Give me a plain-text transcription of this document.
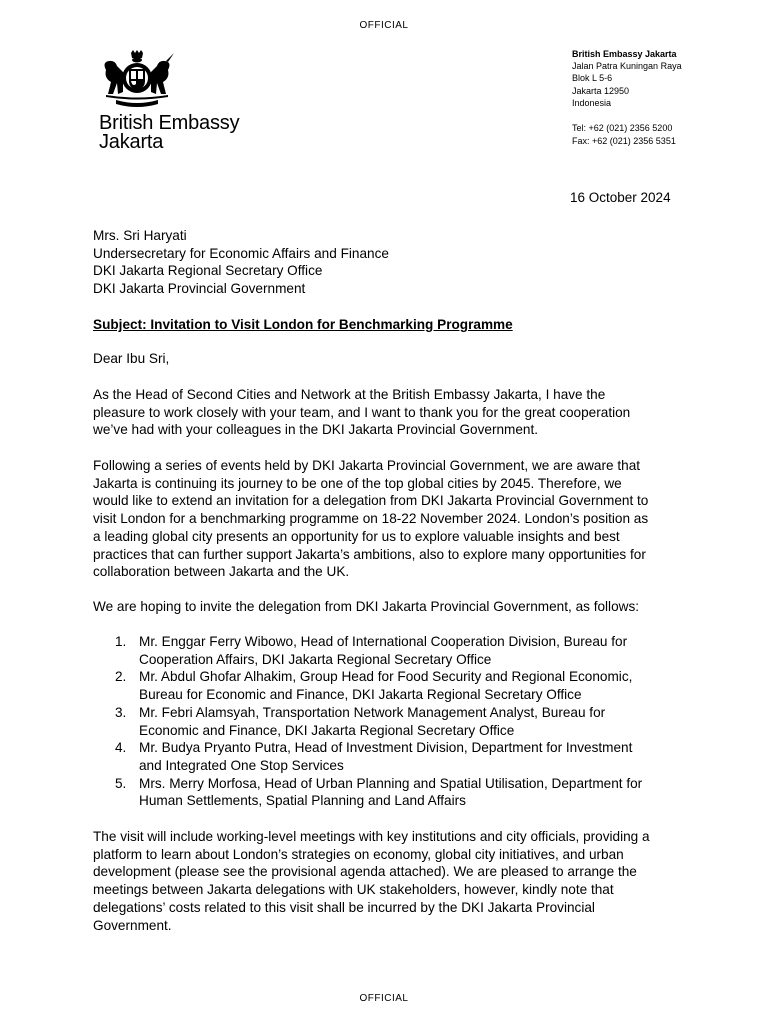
OFFICIAL
British Embassy
Jakarta
British Embassy Jakarta
Jalan Patra Kuningan Raya
Blok L 5-6
Jakarta 12950
Indonesia
Tel: +62 (021) 2356 5200
Fax: +62 (021) 2356 5351
16 October 2024
Mrs. Sri Haryati
Undersecretary for Economic Affairs and Finance
DKI Jakarta Regional Secretary Office
DKI Jakarta Provincial Government
Subject: Invitation to Visit London for Benchmarking Programme
Dear Ibu Sri,
As the Head of Second Cities and Network at the British Embassy Jakarta, I have the
pleasure to work closely with your team, and I want to thank you for the great cooperation
we’ve had with your colleagues in the DKI Jakarta Provincial Government.
Following a series of events held by DKI Jakarta Provincial Government, we are aware that
Jakarta is continuing its journey to be one of the top global cities by 2045. Therefore, we
would like to extend an invitation for a delegation from DKI Jakarta Provincial Government to
visit London for a benchmarking programme on 18-22 November 2024. London’s position as
a leading global city presents an opportunity for us to explore valuable insights and best
practices that can further support Jakarta’s ambitions, also to explore many opportunities for
collaboration between Jakarta and the UK.
We are hoping to invite the delegation from DKI Jakarta Provincial Government, as follows:
1. Mr. Enggar Ferry Wibowo, Head of International Cooperation Division, Bureau for
Cooperation Affairs, DKI Jakarta Regional Secretary Office
2. Mr. Abdul Ghofar Alhakim, Group Head for Food Security and Regional Economic,
Bureau for Economic and Finance, DKI Jakarta Regional Secretary Office
3. Mr. Febri Alamsyah, Transportation Network Management Analyst, Bureau for
Economic and Finance, DKI Jakarta Regional Secretary Office
4. Mr. Budya Pryanto Putra, Head of Investment Division, Department for Investment
and Integrated One Stop Services
5. Mrs. Merry Morfosa, Head of Urban Planning and Spatial Utilisation, Department for
Human Settlements, Spatial Planning and Land Affairs
The visit will include working-level meetings with key institutions and city officials, providing a
platform to learn about London’s strategies on economy, global city initiatives, and urban
development (please see the provisional agenda attached). We are pleased to arrange the
meetings between Jakarta delegations with UK stakeholders, however, kindly note that
delegations’ costs related to this visit shall be incurred by the DKI Jakarta Provincial
Government.
OFFICIAL
